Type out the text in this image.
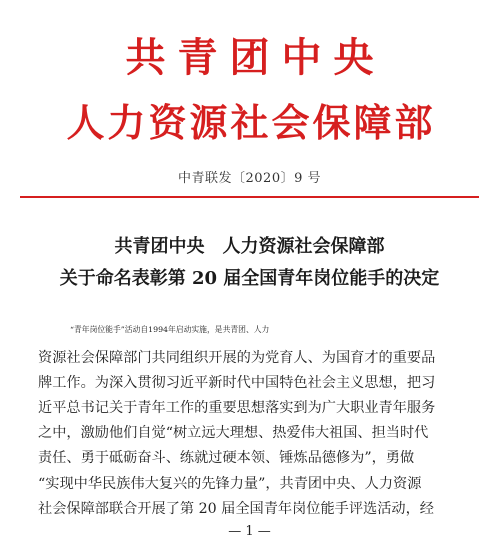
共青团中央
人力资源社会保障部
中青联发〔2020〕9 号
共青团中央　人力资源社会保障部
关于命名表彰第 20 届全国青年岗位能手的决定
“青年岗位能手”活动自1994年启动实施，是共青团、人力
资源社会保障部门共同组织开展的为党育人、为国育才的重要品
牌工作。为深入贯彻习近平新时代中国特色社会主义思想，把习
近平总书记关于青年工作的重要思想落实到为广大职业青年服务
之中，激励他们自觉“树立远大理想、热爱伟大祖国、担当时代
责任、勇于砥砺奋斗、练就过硬本领、锤炼品德修为”，勇做
“实现中华民族伟大复兴的先锋力量”，共青团中央、人力资源
社会保障部联合开展了第 20 届全国青年岗位能手评选活动，经
— 1 —
